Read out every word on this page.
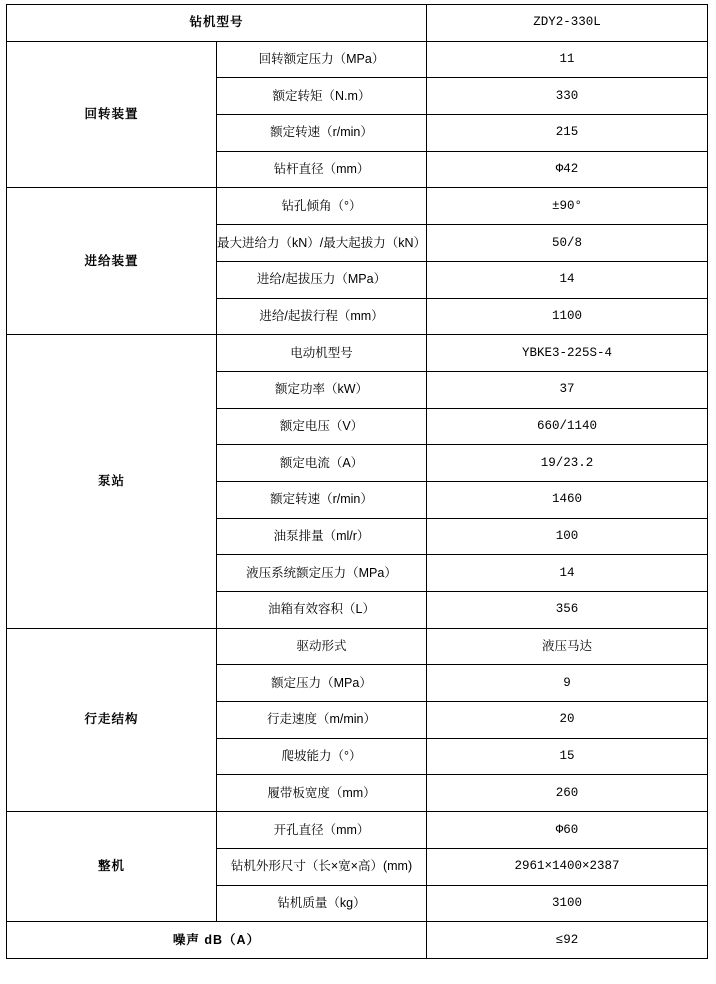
钻机型号		ZDY2-330L
回转装置	回转额定压力（MPa）	11
	额定转矩（N.m）	330
	额定转速（r/min）	215
	钻杆直径（mm）	Φ42
进给装置	钻孔倾角（°）	±90°
	最大进给力（kN）/最大起拔力（kN）	50/8
	进给/起拔压力（MPa）	14
	进给/起拔行程（mm）	1100
泵站	电动机型号	YBKE3-225S-4
	额定功率（kW）	37
	额定电压（V）	660/1140
	额定电流（A）	19/23.2
	额定转速（r/min）	1460
	油泵排量（ml/r）	100
	液压系统额定压力（MPa）	14
	油箱有效容积（L）	356
行走结构	驱动形式	液压马达
	额定压力（MPa）	9
	行走速度（m/min）	20
	爬坡能力（°）	15
	履带板宽度（mm）	260
整机	开孔直径（mm）	Φ60
	钻机外形尺寸（长×宽×高）(mm)	2961×1400×2387
	钻机质量（kg）	3100
噪声 dB（A）		≤92
